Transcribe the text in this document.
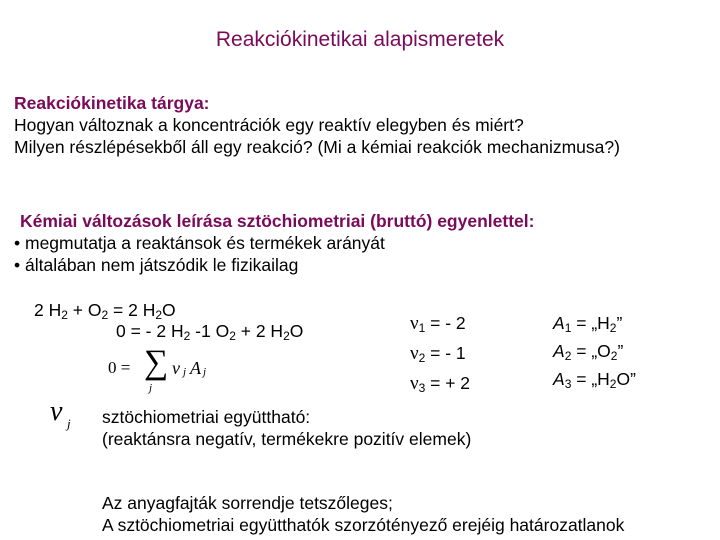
Reakciókinetikai alapismeretek
Reakciókinetika tárgya:
Hogyan változnak a koncentrációk egy reaktív elegyben és miért?
Milyen részlépésekből áll egy reakció? (Mi a kémiai reakciók mechanizmusa?)
Kémiai változások leírása sztöchiometriai (bruttó) egyenlettel:
• megmutatja a reaktánsok és termékek arányát
• általában nem játszódik le fizikailag
2 $H_2 + O_2 = 2$ $H_2O$
0 = - 2 $H_2$ -1 $O_2 + 2$ $H_2O$
0 = ∑
j
ν j A j
$\nu_1$ = - 2
$\nu_2$ = - 1
$\nu_3$ = + 2
$A_1$ = $„H_2$”
$A_2$ = $„O_2$”
$A_3$ = $„H_2O$”
ν j sztöchiometriai együttható:
(reaktánsra negatív, termékekre pozitív elemek)
Az anyagfajták sorrendje tetszőleges;
A sztöchiometriai együtthatók szorzótényező erejéig határozatlanok
